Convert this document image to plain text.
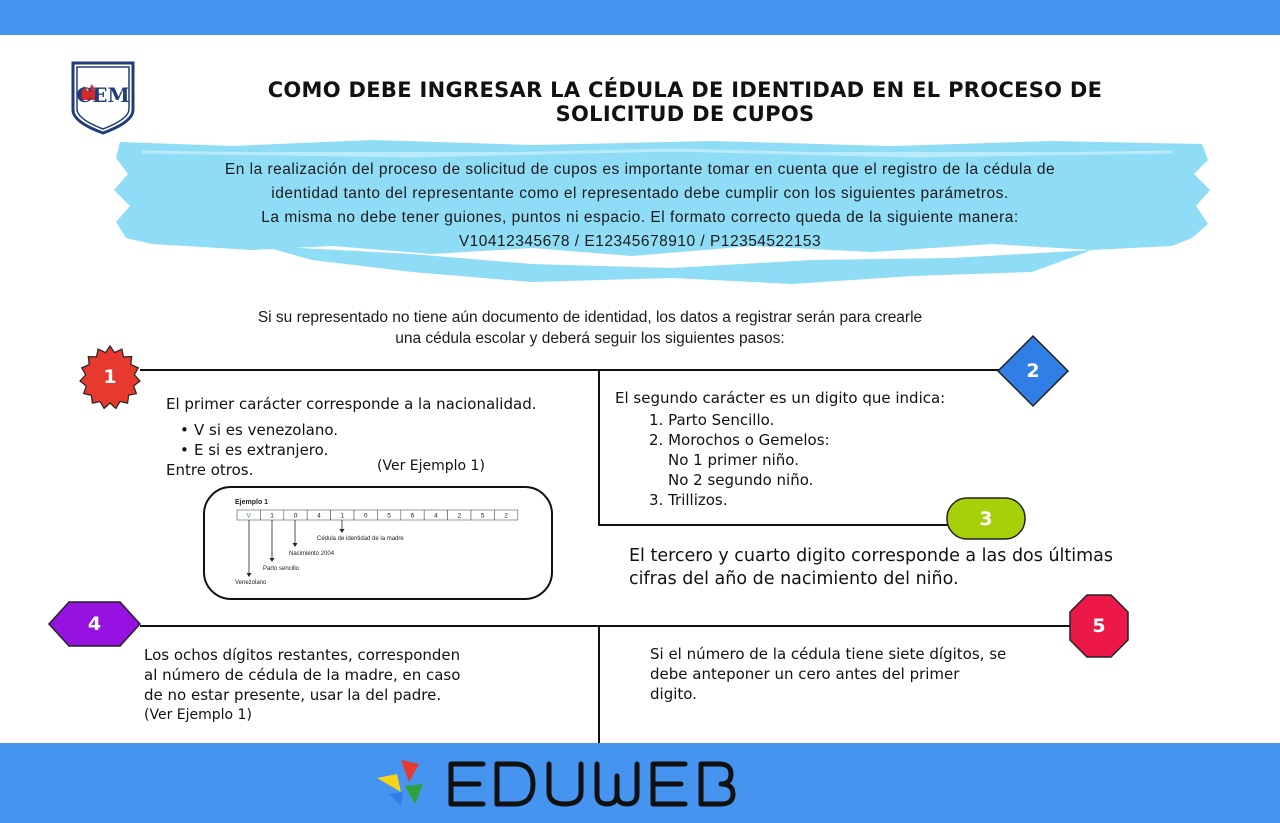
CEM	COMO DEBE INGRESAR LA CÉDULA DE IDENTIDAD EN EL PROCESO DE
SOLICITUD DE CUPOS

En la realización del proceso de solicitud de cupos es importante tomar en cuenta que el registro de la cédula de

identidad tanto del representante como el representado debe cumplir con los siguientes parámetros.

La misma no debe tener guiones, puntos ni espacio. El formato correcto queda de la siguiente manera:

V10412345678 / E12345678910 / P12354522153

Si su representado no tiene aún documento de identidad, los datos a registrar serán para crearle

una cédula escolar y deberá seguir los siguientes pasos:

1	2
3
4	5

El primer carácter corresponde a la nacionalidad.

• V si es venezolano.

• E si es extranjero.

Entre otros.	(Ver Ejemplo 1)
Ejemplo 1
V	1	0	4	1	0	5	6	4	2	5	2
Cédula de identidad de la madre
Nacimiento 2004
Parto sencillo
Venezolano

El segundo carácter es un digito que indica:

1. Parto Sencillo.

2. Morochos o Gemelos:

No 1 primer niño.

No 2 segundo niño.

3. Trillizos.

El tercero y cuarto digito corresponde a las dos últimas

cifras del año de nacimiento del niño.

Los ochos dígitos restantes, corresponden

al número de cédula de la madre, en caso

de no estar presente, usar la del padre.

(Ver Ejemplo 1)

Si el número de la cédula tiene siete dígitos, se

debe anteponer un cero antes del primer

digito.
